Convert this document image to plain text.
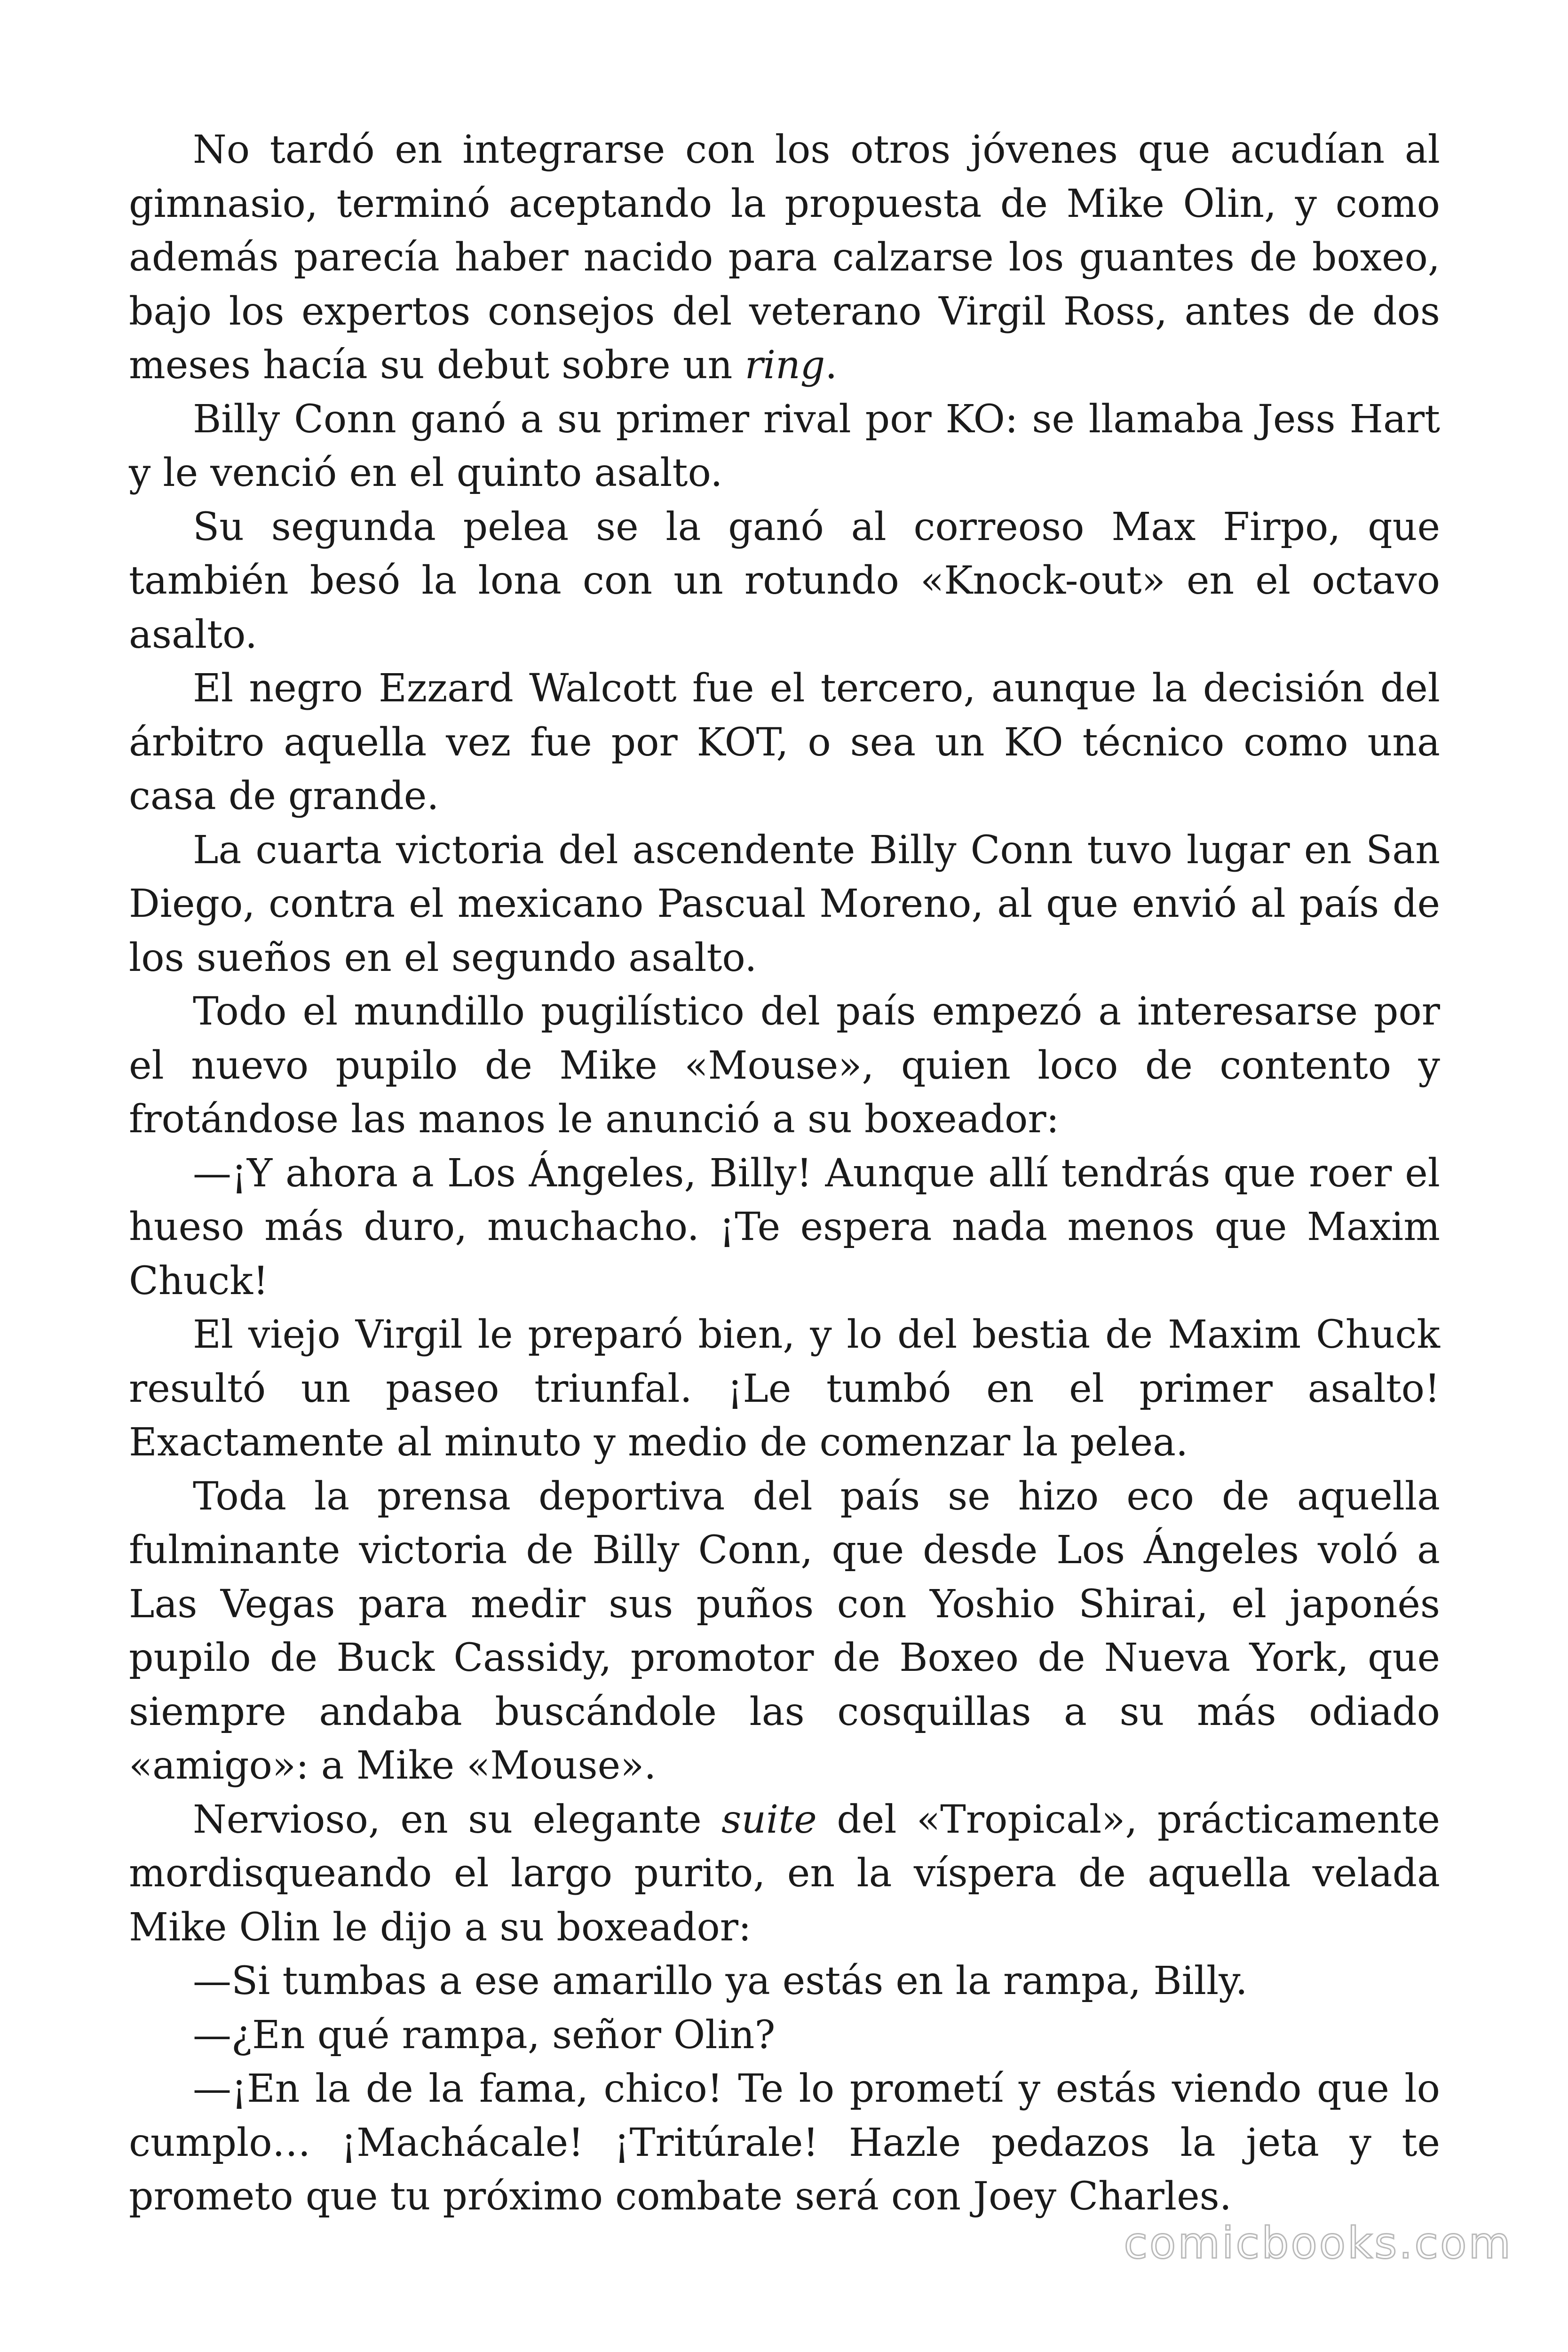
No tardó en integrarse con los otros jóvenes que acudían al gimnasio, terminó aceptando la propuesta de Mike Olin, y como además parecía haber nacido para calzarse los guantes de boxeo, bajo los expertos consejos del veterano Virgil Ross, antes de dos meses hacía su debut sobre un ring.

Billy Conn ganó a su primer rival por KO: se llamaba Jess Hart y le venció en el quinto asalto.

Su segunda pelea se la ganó al correoso Max Firpo, que también besó la lona con un rotundo «Knock-out» en el octavo asalto.

El negro Ezzard Walcott fue el tercero, aunque la decisión del árbitro aquella vez fue por KOT, o sea un KO técnico como una casa de grande.

La cuarta victoria del ascendente Billy Conn tuvo lugar en San Diego, contra el mexicano Pascual Moreno, al que envió al país de los sueños en el segundo asalto.

Todo el mundillo pugilístico del país empezó a interesarse por el nuevo pupilo de Mike «Mouse», quien loco de contento y frotándose las manos le anunció a su boxeador:

—¡Y ahora a Los Ángeles, Billy! Aunque allí tendrás que roer el hueso más duro, muchacho. ¡Te espera nada menos que Maxim Chuck!

El viejo Virgil le preparó bien, y lo del bestia de Maxim Chuck resultó un paseo triunfal. ¡Le tumbó en el primer asalto! Exactamente al minuto y medio de comenzar la pelea.

Toda la prensa deportiva del país se hizo eco de aquella fulminante victoria de Billy Conn, que desde Los Ángeles voló a Las Vegas para medir sus puños con Yoshio Shirai, el japonés pupilo de Buck Cassidy, promotor de Boxeo de Nueva York, que siempre andaba buscándole las cosquillas a su más odiado «amigo»: a Mike «Mouse».

Nervioso, en su elegante suite del «Tropical», prácticamente mordisqueando el largo purito, en la víspera de aquella velada Mike Olin le dijo a su boxeador:

—Si tumbas a ese amarillo ya estás en la rampa, Billy.

—¿En qué rampa, señor Olin?

—¡En la de la fama, chico! Te lo prometí y estás viendo que lo cumplo… ¡Machácale! ¡Tritúrale! Hazle pedazos la jeta y te prometo que tu próximo combate será con Joey Charles.

comicbooks.com
